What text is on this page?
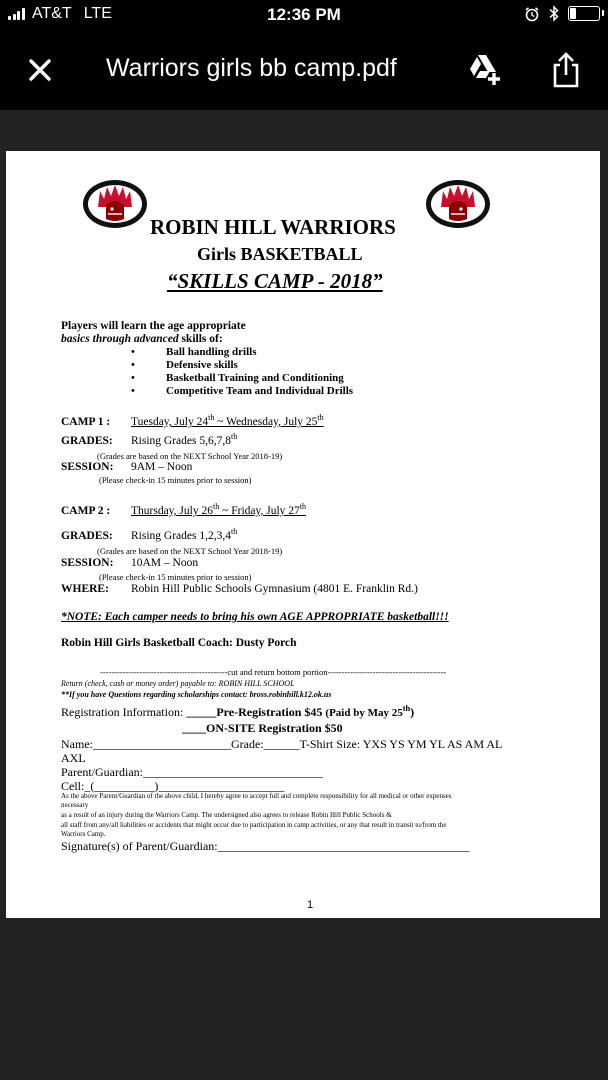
AT&T LTE	12:36 PM
Warriors girls bb camp.pdf
ROBIN HILL WARRIORS
Girls BASKETBALL
“SKILLS CAMP - 2018”
Players will learn the age appropriate
basics through advanced skills of:
•	Ball handling drills
•	Defensive skills
•	Basketball Training and Conditioning
•	Competitive Team and Individual Drills
CAMP 1 : Tuesday, July 24th ~ Wednesday, July 25th
GRADES: Rising Grades 5,6,7,8th
(Grades are based on the NEXT School Year 2018-19)
SESSION: 9AM – Noon
(Please check-in 15 minutes prior to session)
CAMP 2 : Thursday, July 26th ~ Friday, July 27th
GRADES: Rising Grades 1,2,3,4th
(Grades are based on the NEXT School Year 2018-19)
SESSION: 10AM – Noon
(Please check-in 15 minutes prior to session)
WHERE: Robin Hill Public Schools Gymnasium (4801 E. Franklin Rd.)
*NOTE: Each camper needs to bring his own AGE APPROPRIATE basketball!!!
Robin Hill Girls Basketball Coach: Dusty Porch
---------------------------------------------cut and return bottom portion------------------------------------------
Return (check, cash or money order) payable to: ROBIN HILL SCHOOL
**If you have Questions regarding scholarships contact: bross.robinhill.k12.ok.us
Registration Information: _____Pre-Registration $45 (Paid by May 25th)
____ON-SITE Registration $50
Name:_______________________Grade:______T-Shirt Size: YXS YS YM YL AS AM AL
AXL
Parent/Guardian:______________________________
Cell:_(__________)_____________________
As the above Parent/Guardian of the above child, I hereby agree to accept full and complete responsibility for all medical or other expenses
necessary
as a result of an injury during the Warriors Camp. The undersigned also agrees to release Robin Hill Public Schools &
all staff from any/all liabilities or accidents that might occur due to participation in camp activities, or any that result in transit to/from the
Warriors Camp.
Signature(s) of Parent/Guardian:__________________________________________
1
